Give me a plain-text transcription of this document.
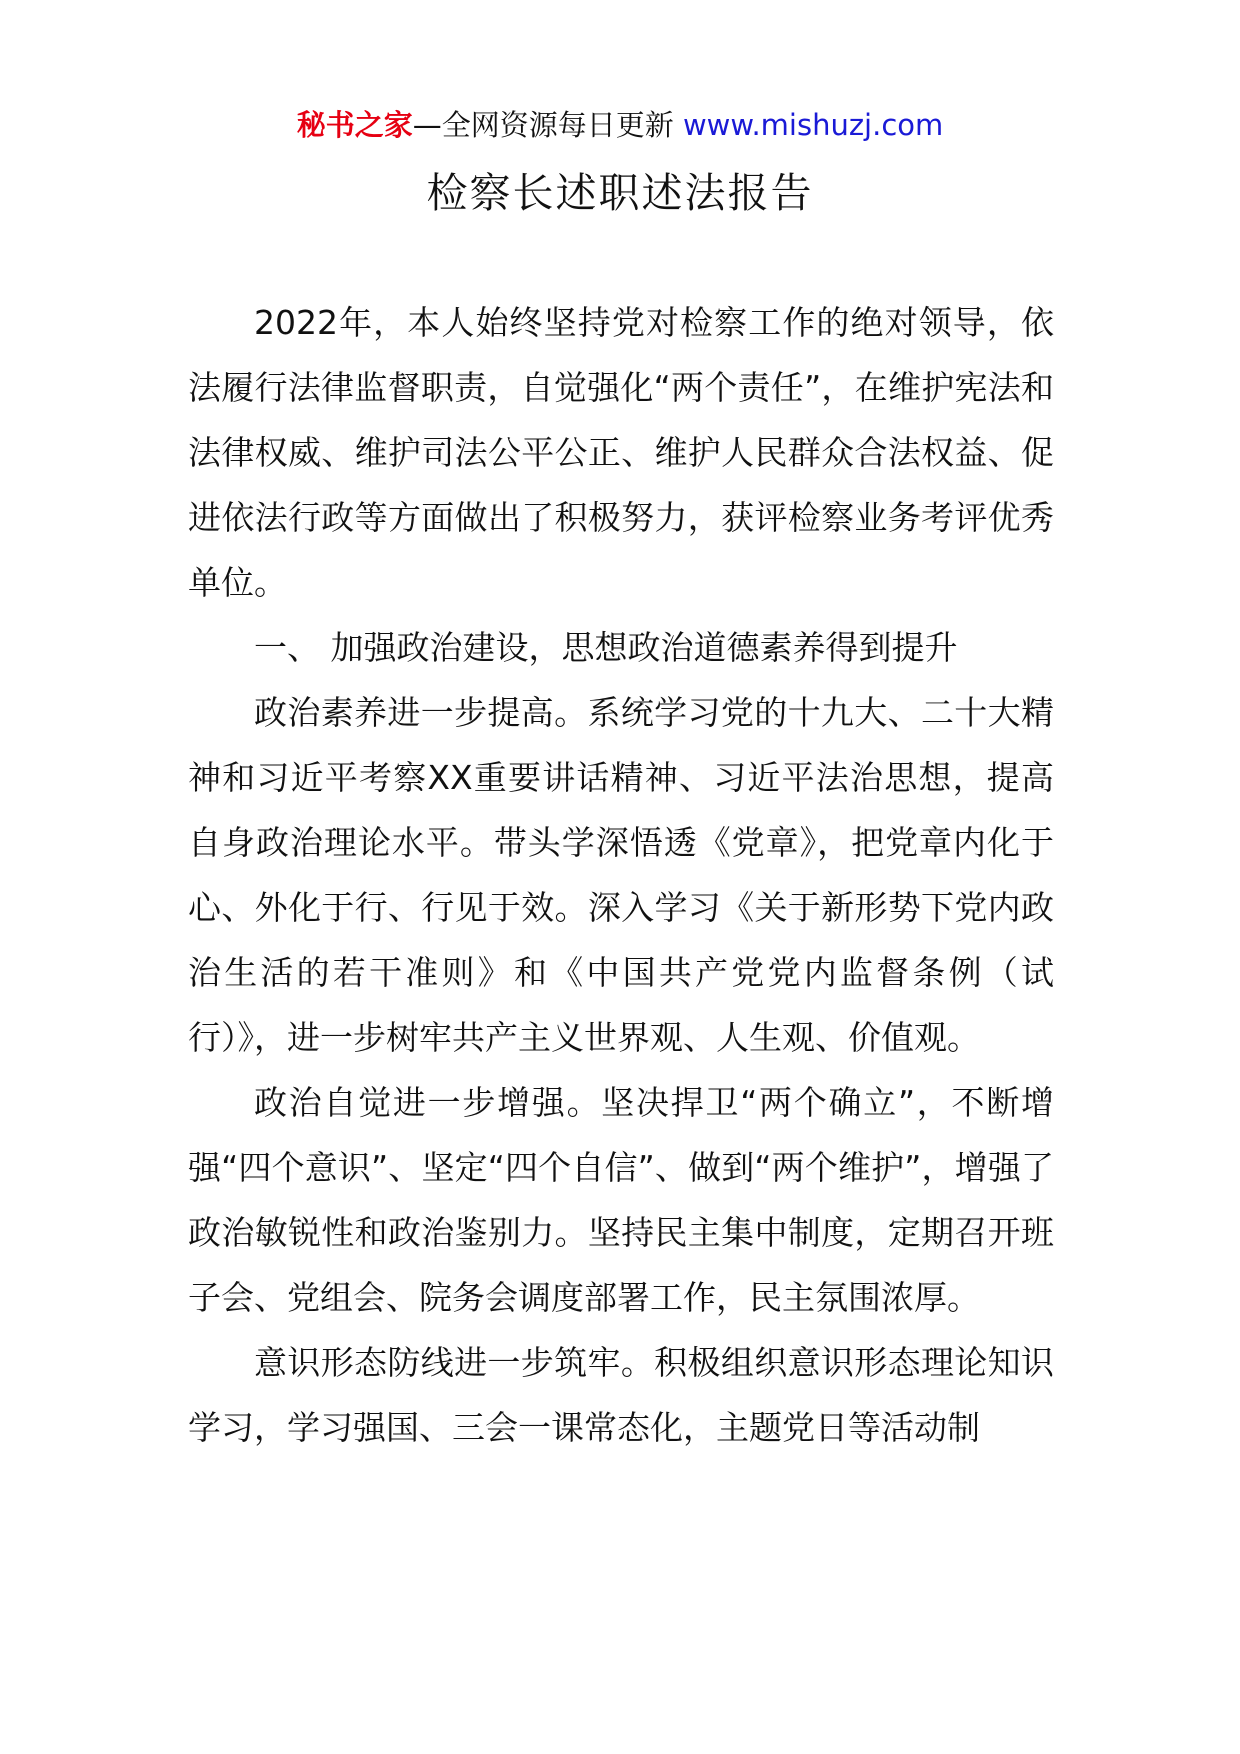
秘书之家—全网资源每日更新 www.mishuzj.com
检察长述职述法报告

2022年，本人始终坚持党对检察工作的绝对领导，依法履行法律监督职责，自觉强化“两个责任”，在维护宪法和法律权威、维护司法公平公正、维护人民群众合法权益、促进依法行政等方面做出了积极努力，获评检察业务考评优秀单位。

一、 加强政治建设，思想政治道德素养得到提升

政治素养进一步提高。系统学习党的十九大、二十大精神和习近平考察XX重要讲话精神、习近平法治思想，提高自身政治理论水平。带头学深悟透《党章》，把党章内化于心、外化于行、行见于效。深入学习《关于新形势下党内政治生活的若干准则》和《中国共产党党内监督条例（试行）》，进一步树牢共产主义世界观、人生观、价值观。

政治自觉进一步增强。坚决捍卫“两个确立”，不断增强“四个意识”、坚定“四个自信”、做到“两个维护”，增强了政治敏锐性和政治鉴别力。坚持民主集中制度，定期召开班子会、党组会、院务会调度部署工作，民主氛围浓厚。

意识形态防线进一步筑牢。积极组织意识形态理论知识学习，学习强国、三会一课常态化，主题党日等活动制
